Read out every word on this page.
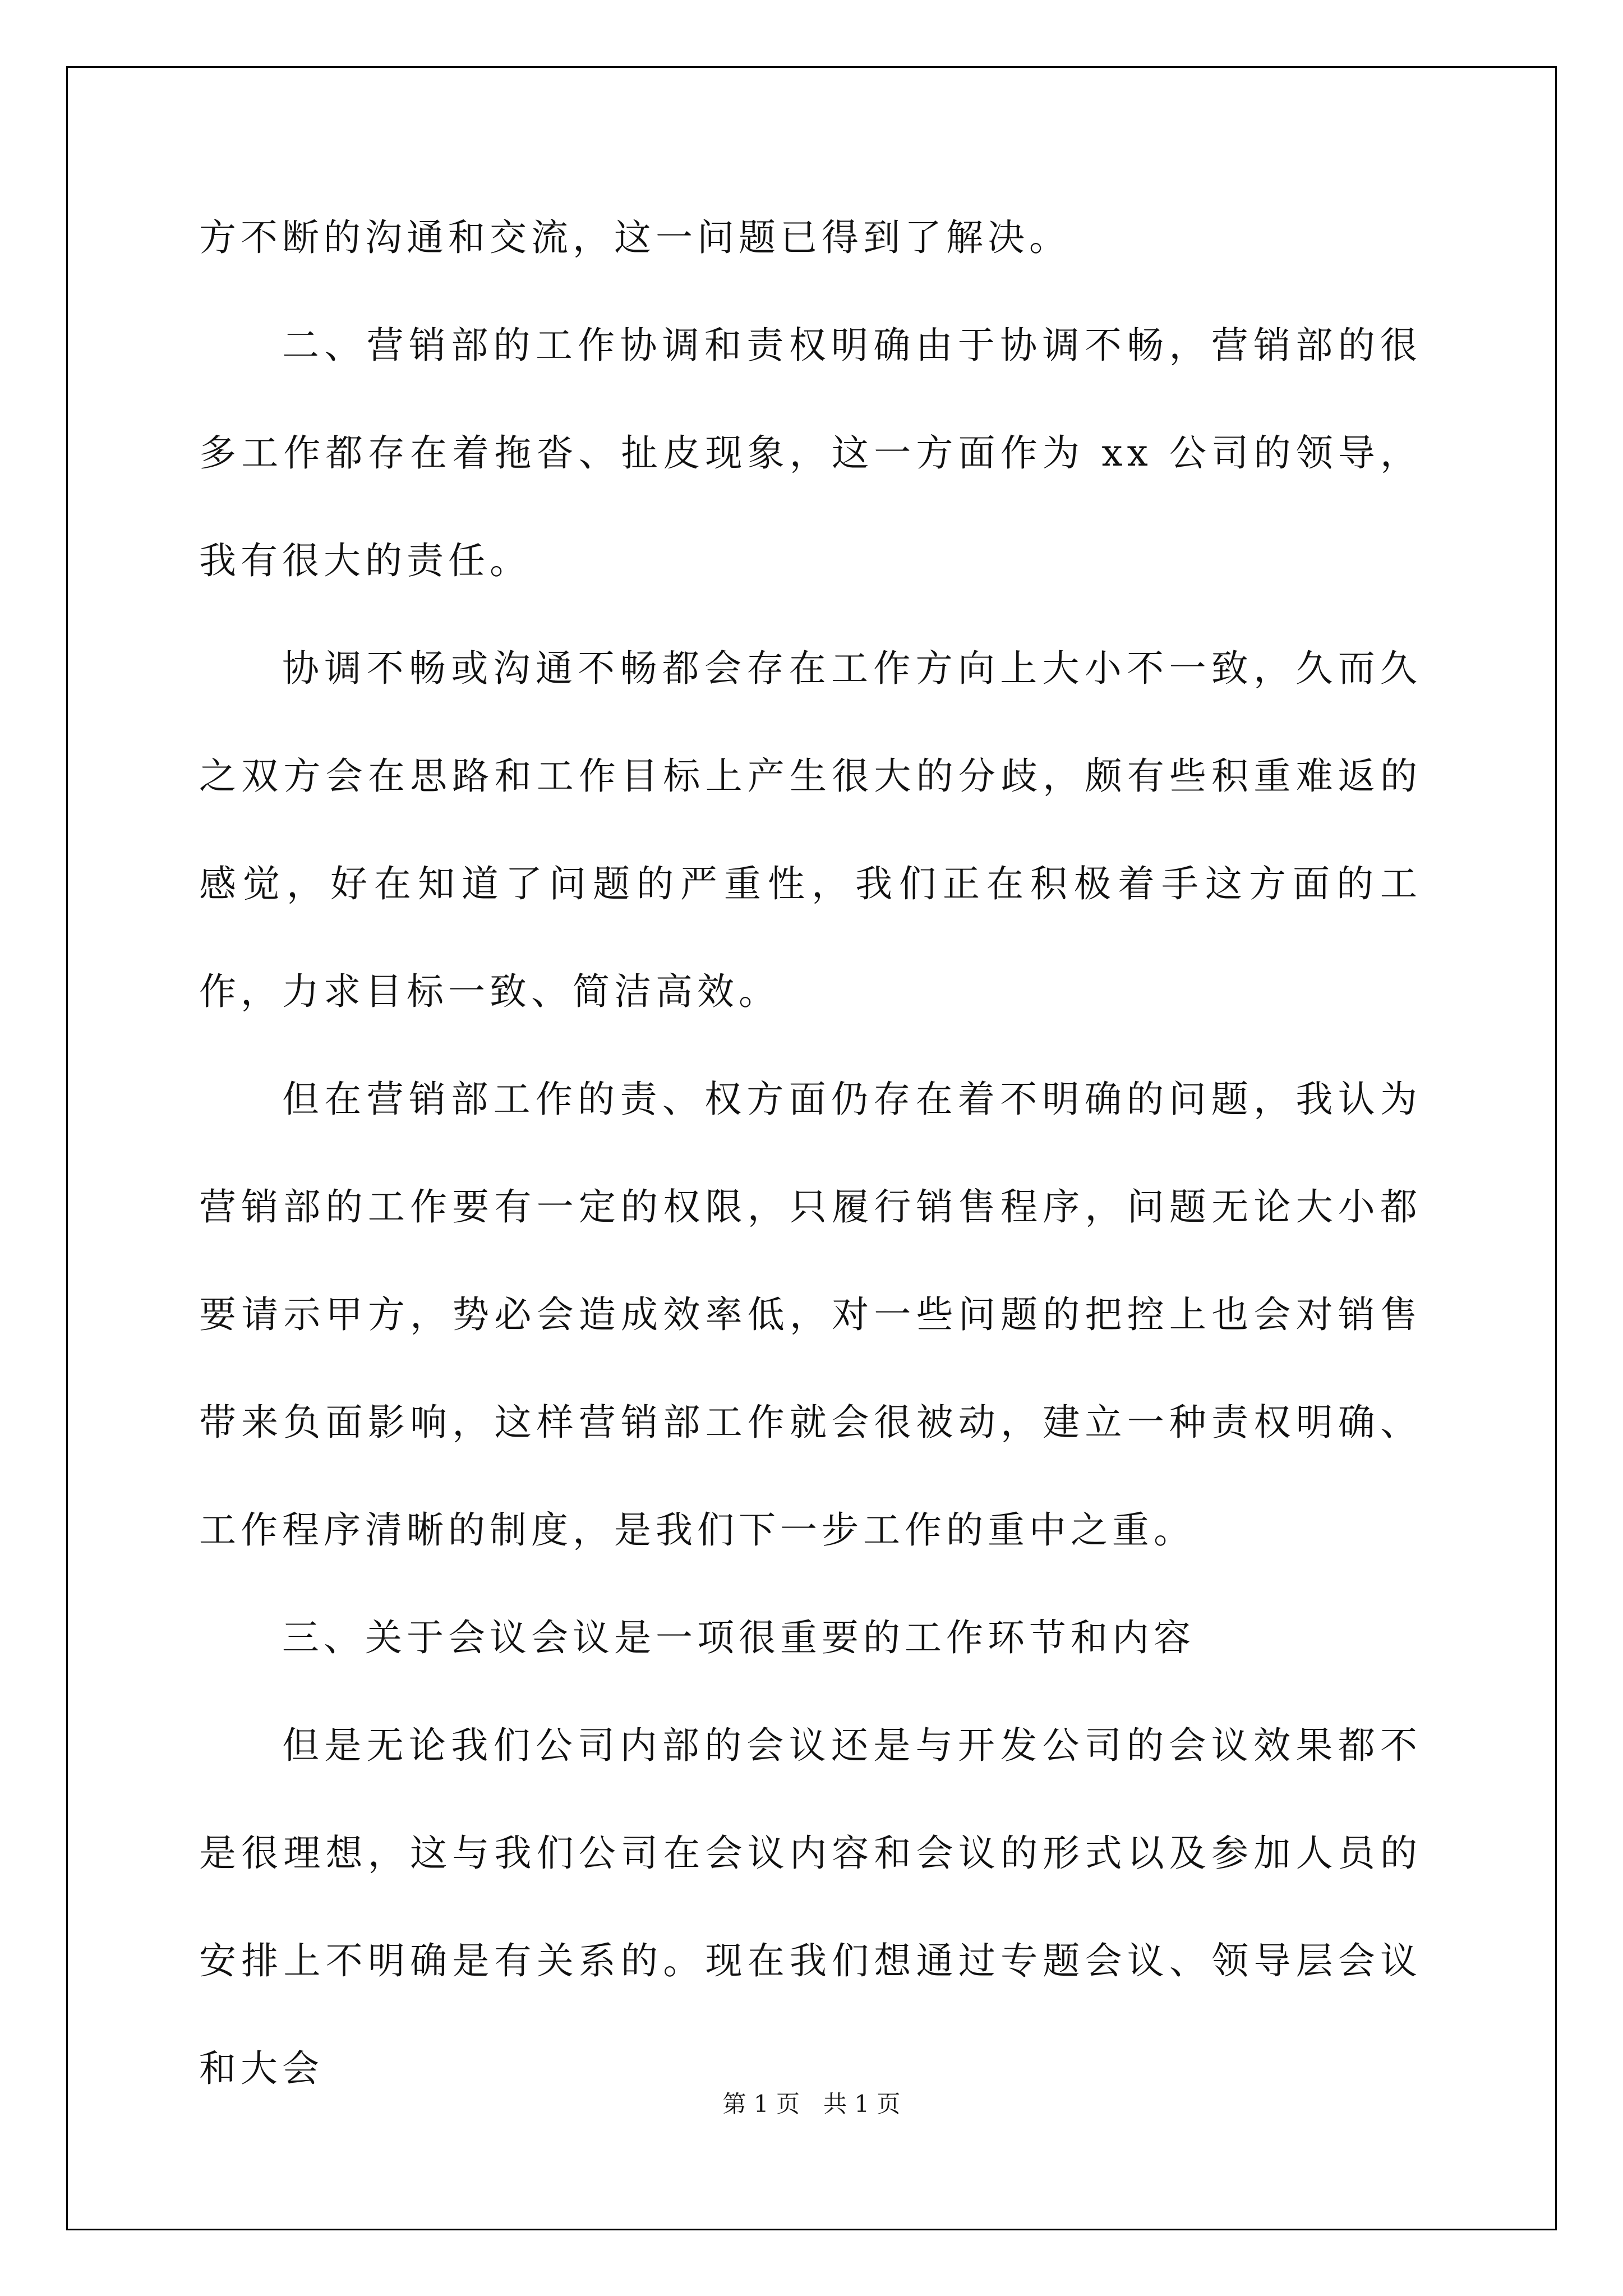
方不断的沟通和交流，这一问题已得到了解决。

二、营销部的工作协调和责权明确由于协调不畅，营销部的很多工作都存在着拖沓、扯皮现象，这一方面作为 xx 公司的领导，我有很大的责任。

协调不畅或沟通不畅都会存在工作方向上大小不一致，久而久之双方会在思路和工作目标上产生很大的分歧，颇有些积重难返的感觉，好在知道了问题的严重性，我们正在积极着手这方面的工作，力求目标一致、简洁高效。

但在营销部工作的责、权方面仍存在着不明确的问题，我认为营销部的工作要有一定的权限，只履行销售程序，问题无论大小都要请示甲方，势必会造成效率低，对一些问题的把控上也会对销售带来负面影响，这样营销部工作就会很被动，建立一种责权明确、工作程序清晰的制度，是我们下一步工作的重中之重。

三、关于会议会议是一项很重要的工作环节和内容

但是无论我们公司内部的会议还是与开发公司的会议效果都不是很理想，这与我们公司在会议内容和会议的形式以及参加人员的安排上不明确是有关系的。现在我们想通过专题会议、领导层会议和大会

第 1 页　共 1 页
